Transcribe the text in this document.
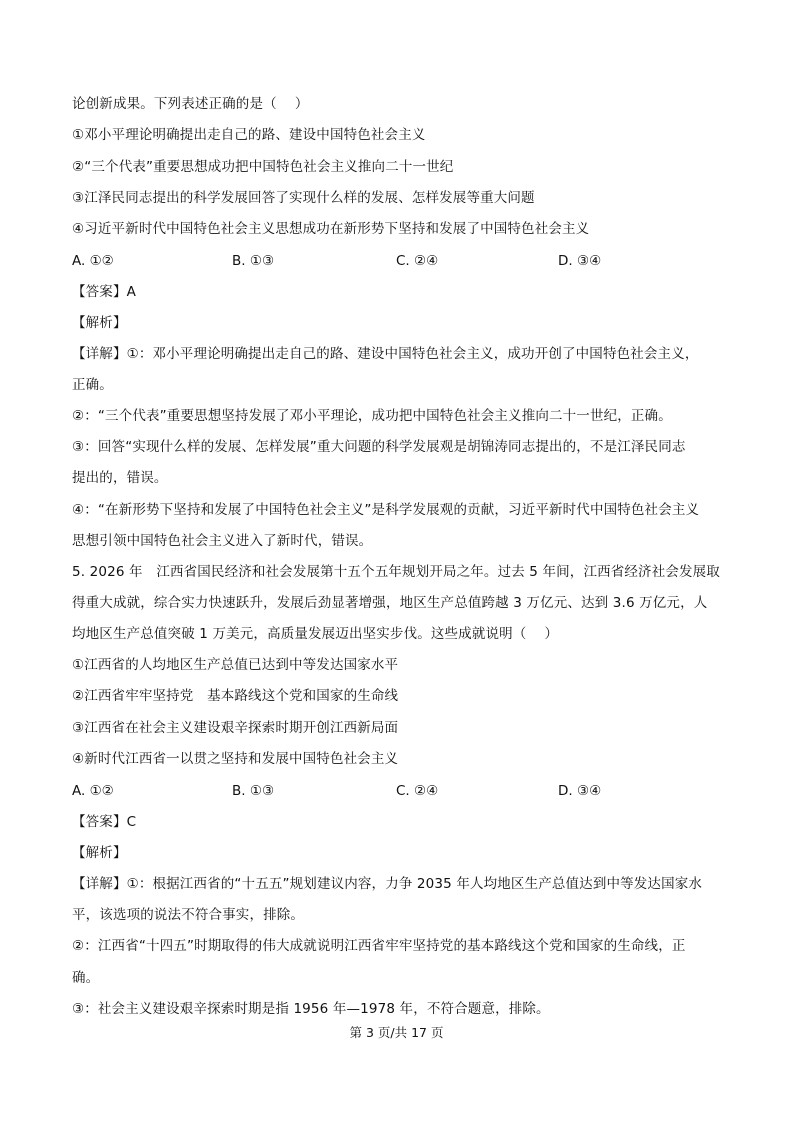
论创新成果。下列表述正确的是（　 ）
①邓小平理论明确提出走自己的路、建设中国特色社会主义
②“三个代表”重要思想成功把中国特色社会主义推向二十一世纪
③江泽民同志提出的科学发展回答了实现什么样的发展、怎样发展等重大问题
④习近平新时代中国特色社会主义思想成功在新形势下坚持和发展了中国特色社会主义
A. ①②	B. ①③	C. ②④	D. ③④
【答案】A
【解析】
【详解】①：邓小平理论明确提出走自己的路、建设中国特色社会主义，成功开创了中国特色社会主义，
正确。
②：“三个代表”重要思想坚持发展了邓小平理论，成功把中国特色社会主义推向二十一世纪，正确。
③：回答“实现什么样的发展、怎样发展”重大问题的科学发展观是胡锦涛同志提出的，不是江泽民同志
提出的，错误。
④：“在新形势下坚持和发展了中国特色社会主义”是科学发展观的贡献，习近平新时代中国特色社会主义
思想引领中国特色社会主义进入了新时代，错误。
5. 2026 年　江西省国民经济和社会发展第十五个五年规划开局之年。过去 5 年间，江西省经济社会发展取
得重大成就，综合实力快速跃升，发展后劲显著增强，地区生产总值跨越 3 万亿元、达到 3.6 万亿元，人
均地区生产总值突破 1 万美元，高质量发展迈出坚实步伐。这些成就说明（　 ）
①江西省的人均地区生产总值已达到中等发达国家水平
②江西省牢牢坚持党　基本路线这个党和国家的生命线
③江西省在社会主义建设艰辛探索时期开创江西新局面
④新时代江西省一以贯之坚持和发展中国特色社会主义
A. ①②	B. ①③	C. ②④	D. ③④
【答案】C
【解析】
【详解】①：根据江西省的“十五五”规划建议内容，力争 2035 年人均地区生产总值达到中等发达国家水
平，该选项的说法不符合事实，排除。
②：江西省“十四五”时期取得的伟大成就说明江西省牢牢坚持党的基本路线这个党和国家的生命线，正
确。
③：社会主义建设艰辛探索时期是指 1956 年—1978 年，不符合题意，排除。
第 3 页/共 17 页
